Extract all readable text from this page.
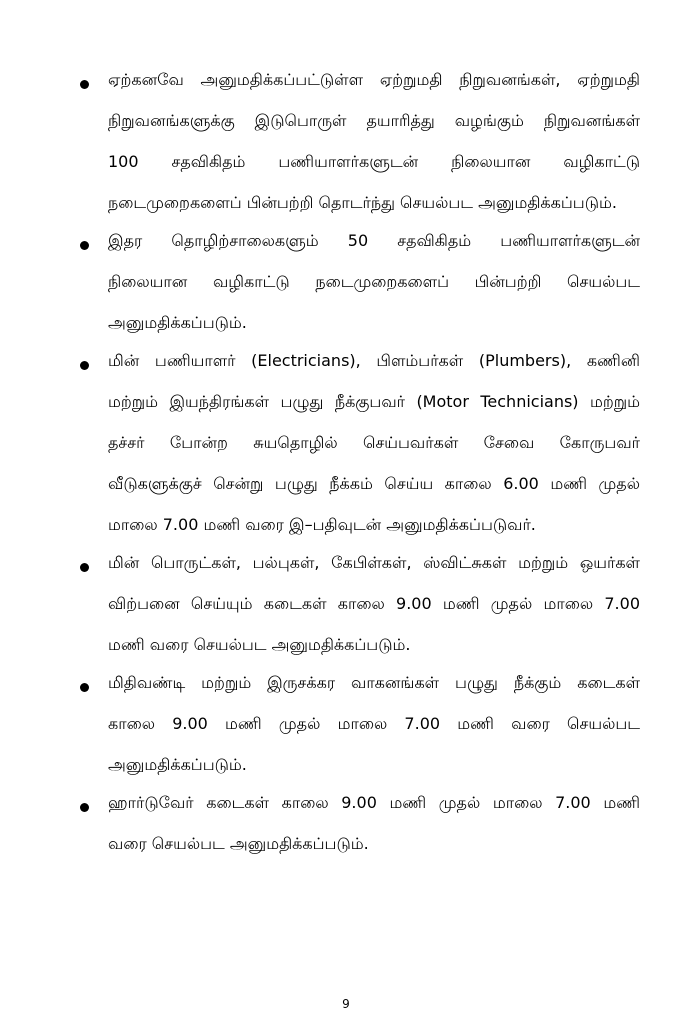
ஏற்கனவே அனுமதிக்கப்பட்டுள்ள ஏற்றுமதி நிறுவனங்கள், ஏற்றுமதி
நிறுவனங்களுக்கு இடுபொருள் தயாரித்து வழங்கும் நிறுவனங்கள்
100 சதவிகிதம் பணியாளர்களுடன் நிலையான வழிகாட்டு
நடைமுறைகளைப் பின்பற்றி தொடர்ந்து செயல்பட அனுமதிக்கப்படும்.
இதர தொழிற்சாலைகளும் 50 சதவிகிதம் பணியாளர்களுடன்
நிலையான வழிகாட்டு நடைமுறைகளைப் பின்பற்றி செயல்பட
அனுமதிக்கப்படும்.
மின் பணியாளர் (Electricians), பிளம்பர்கள் (Plumbers), கணினி
மற்றும் இயந்திரங்கள் பழுது நீக்குபவர் (Motor Technicians) மற்றும்
தச்சர் போன்ற சுயதொழில் செய்பவர்கள் சேவை கோருபவர்
வீடுகளுக்குச் சென்று பழுது நீக்கம் செய்ய காலை 6.00 மணி முதல்
மாலை 7.00 மணி வரை இ–பதிவுடன் அனுமதிக்கப்படுவர்.
மின் பொருட்கள், பல்புகள், கேபிள்கள், ஸ்விட்சுகள் மற்றும் ஒயர்கள்
விற்பனை செய்யும் கடைகள் காலை 9.00 மணி முதல் மாலை 7.00
மணி வரை செயல்பட அனுமதிக்கப்படும்.
மிதிவண்டி மற்றும் இருசக்கர வாகனங்கள் பழுது நீக்கும் கடைகள்
காலை 9.00 மணி முதல் மாலை 7.00 மணி வரை செயல்பட
அனுமதிக்கப்படும்.
ஹார்டுவேர் கடைகள் காலை 9.00 மணி முதல் மாலை 7.00 மணி
வரை செயல்பட அனுமதிக்கப்படும்.
9
